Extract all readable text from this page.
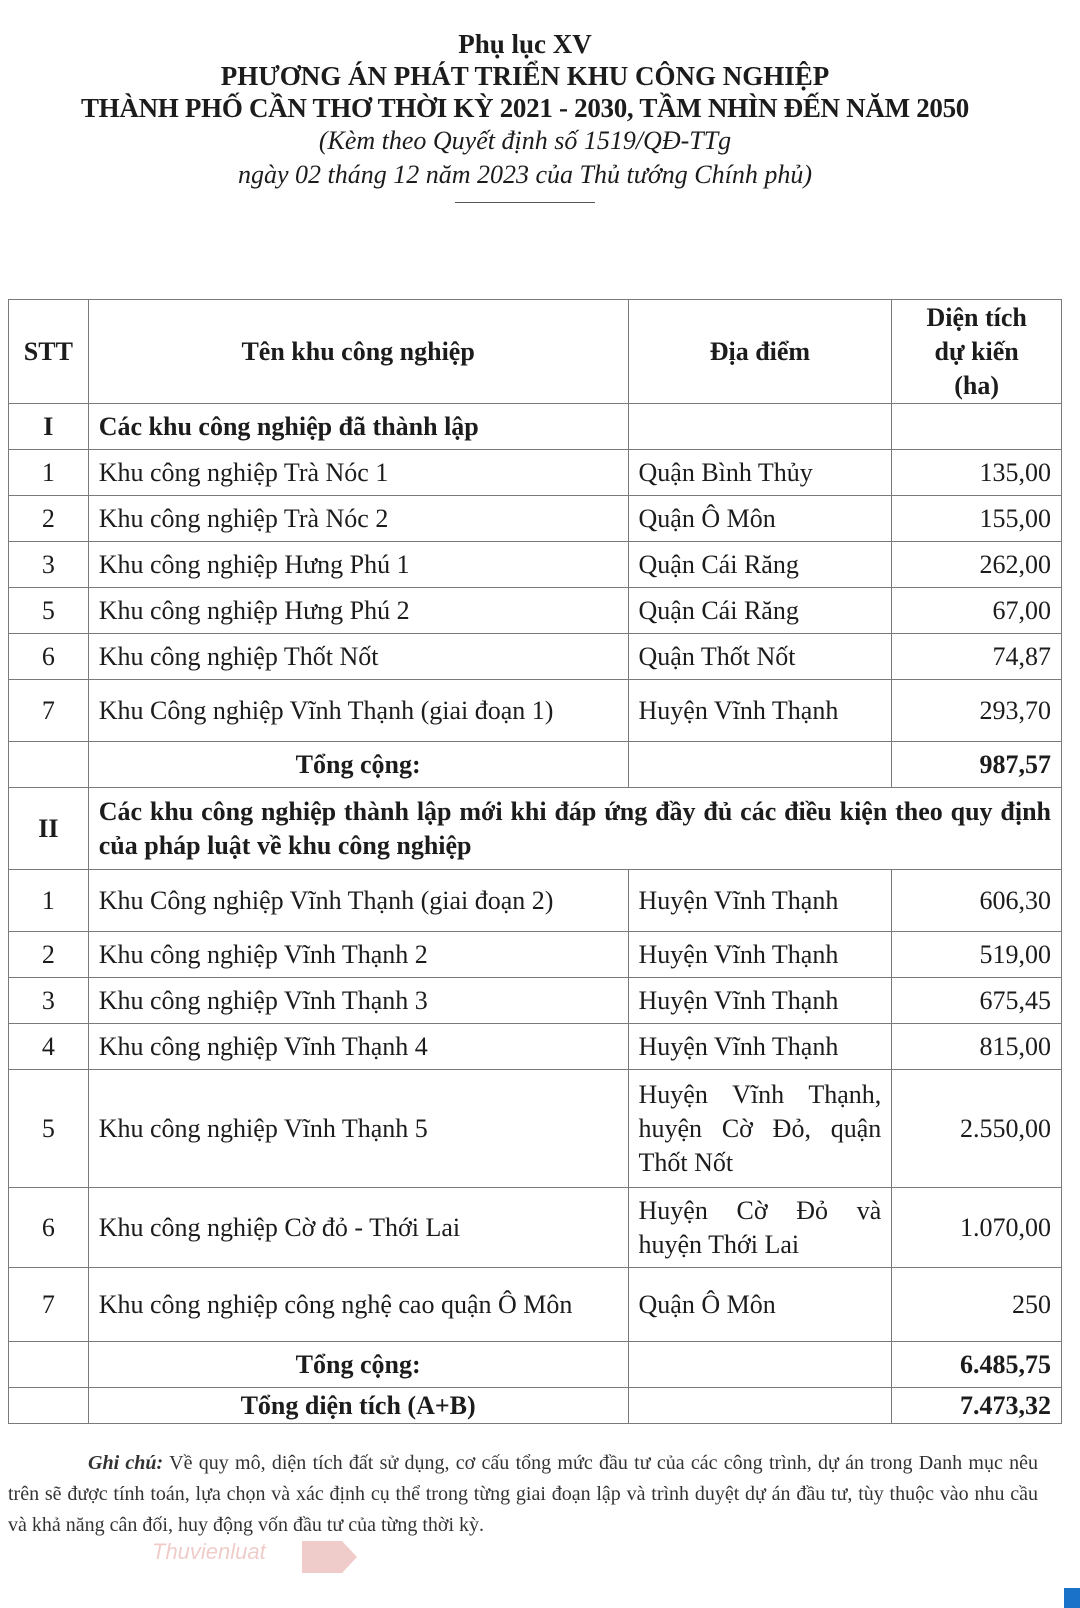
Phụ lục XV
PHƯƠNG ÁN PHÁT TRIỂN KHU CÔNG NGHIỆP
THÀNH PHỐ CẦN THƠ THỜI KỲ 2021 - 2030, TẦM NHÌN ĐẾN NĂM 2050
(Kèm theo Quyết định số 1519/QĐ-TTg
ngày 02 tháng 12 năm 2023 của Thủ tướng Chính phủ)
STT	Tên khu công nghiệp	Địa điểm	Diện tích
dự kiến
(ha)

I	Các khu công nghiệp đã thành lập		
1	Khu công nghiệp Trà Nóc 1	Quận Bình Thủy	135,00
2	Khu công nghiệp Trà Nóc 2	Quận Ô Môn	155,00
3	Khu công nghiệp Hưng Phú 1	Quận Cái Răng	262,00
5	Khu công nghiệp Hưng Phú 2	Quận Cái Răng	67,00
6	Khu công nghiệp Thốt Nốt	Quận Thốt Nốt	74,87
7	Khu Công nghiệp Vĩnh Thạnh (giai đoạn 1)	Huyện Vĩnh Thạnh	293,70
	Tổng cộng:		987,57
II	Các khu công nghiệp thành lập mới khi đáp ứng đầy đủ các điều kiện theo quy định của pháp luật về khu công nghiệp		
1	Khu Công nghiệp Vĩnh Thạnh (giai đoạn 2)	Huyện Vĩnh Thạnh	606,30
2	Khu công nghiệp Vĩnh Thạnh 2	Huyện Vĩnh Thạnh	519,00
3	Khu công nghiệp Vĩnh Thạnh 3	Huyện Vĩnh Thạnh	675,45
4	Khu công nghiệp Vĩnh Thạnh 4	Huyện Vĩnh Thạnh	815,00
5	Khu công nghiệp Vĩnh Thạnh 5	Huyện Vĩnh Thạnh, huyện Cờ Đỏ, quận Thốt Nốt	2.550,00
6	Khu công nghiệp Cờ đỏ - Thới Lai	Huyện Cờ Đỏ và huyện Thới Lai	1.070,00
7	Khu công nghiệp công nghệ cao quận Ô Môn	Quận Ô Môn	250
	Tổng cộng:		6.485,75
	Tổng diện tích (A+B)		7.473,32
Ghi chú: Về quy mô, diện tích đất sử dụng, cơ cấu tổng mức đầu tư của các công trình, dự án trong Danh mục nêu trên sẽ được tính toán, lựa chọn và xác định cụ thể trong từng giai đoạn lập và trình duyệt dự án đầu tư, tùy thuộc vào nhu cầu và khả năng cân đối, huy động vốn đầu tư của từng thời kỳ.
Thuvienluat
